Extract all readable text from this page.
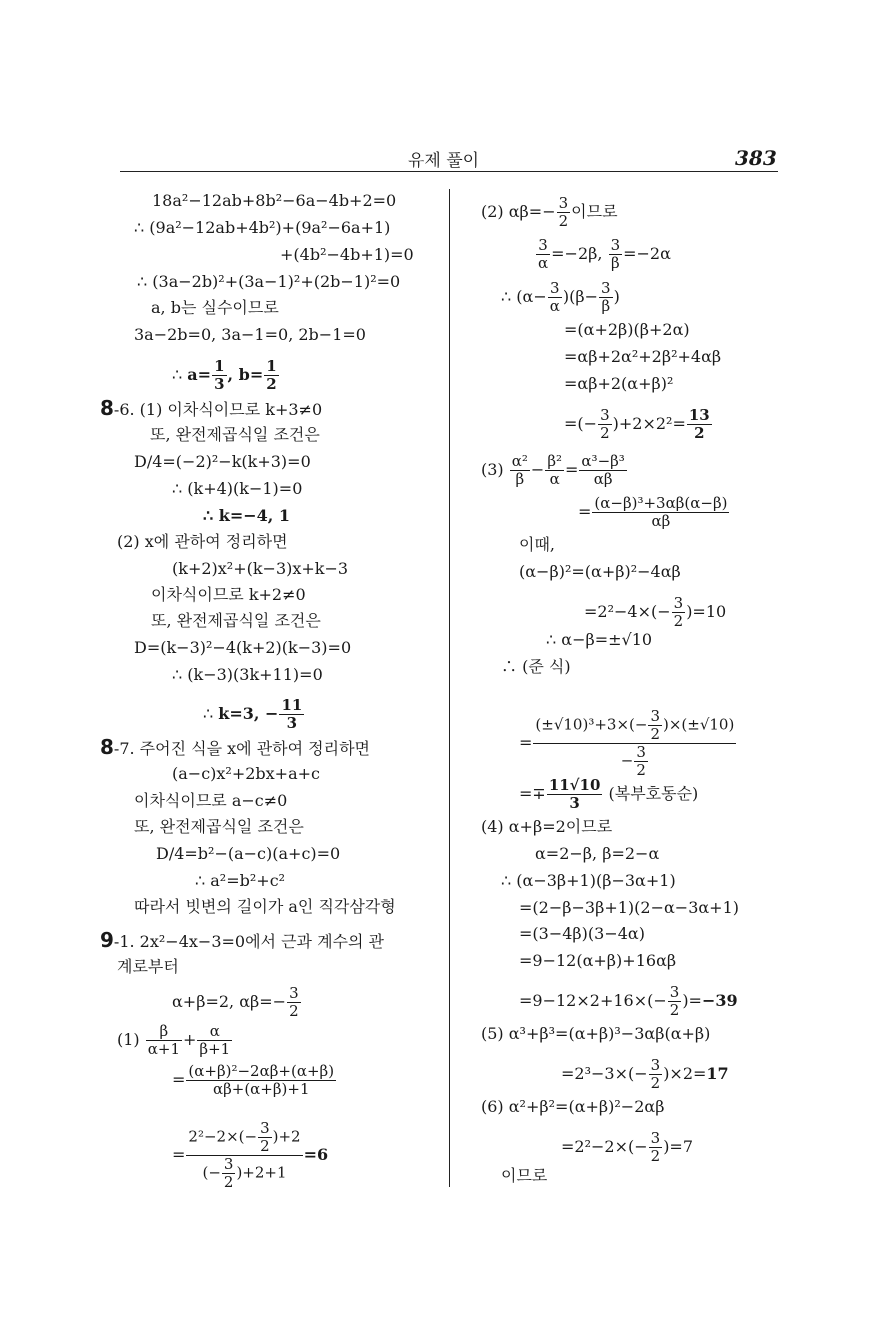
유제 풀이	383
18a²−12ab+8b²−6a−4b+2=0
∴ (9a²−12ab+4b²)+(9a²−6a+1)
+(4b²−4b+1)=0
∴ (3a−2b)²+(3a−1)²+(2b−1)²=0
a, b는 실수이므로
3a−2b=0, 3a−1=0, 2b−1=0
∴ $a= \frac{1}{3}$ , $b= \frac{1}{2}$
8-6. (1) 이차식이므로 k+3≠0
또, 완전제곱식일 조건은
D/4=(−2)²−k(k+3)=0
∴ (k+4)(k−1)=0
∴ k=−4, 1
(2) x에 관하여 정리하면
(k+2)x²+(k−3)x+k−3
이차식이므로 k+2≠0
또, 완전제곱식일 조건은
D=(k−3)²−4(k+2)(k−3)=0
∴ (k−3)(3k+11)=0
∴ k=3, − $\frac{11}{3}$
8-7. 주어진 식을 x에 관하여 정리하면
(a−c)x²+2bx+a+c
이차식이므로 a−c≠0
또, 완전제곱식일 조건은
D/4=b²−(a−c)(a+c)=0
∴ a²=b²+c²
따라서 빗변의 길이가 a인 직각삼각형
9-1. 2x²−4x−3=0에서 근과 계수의 관
계로부터
α+β=2, $\alpha\beta=- \frac{3}{2}$
$(1) \frac{\beta}{\alpha+1} + \frac{\alpha}{\beta+1}$
= $\frac{\text{(α+β)²−2αβ+(α+β)}}{\alpha\beta+(\alpha+\beta)+1}$
= $\frac{2^2-2\times(- \frac{3}{2} )+2}{(- \frac{3}{2} )+2+1} =6$
(2) $\alpha\beta=- \frac{3}{2}$ 이므로
$\frac{3}{\alpha} =-2\beta$, $\frac{3}{\beta} =-2\alpha$
∴ $(\alpha- \frac{3}{\alpha} )(\beta- \frac{3}{\beta}$ )
=(α+2β)(β+2α)
=αβ+2α²+2β²+4αβ
=αβ+2(α+β)²
=(− $\frac{3}{2} )+2\times 2^2= \frac{13}{2}$
$(3) \frac{\text{α²}}{\beta} - \frac{\text{β²}}{\alpha} = \frac{\text{α³−β³}}{\alpha\beta}$
= $\frac{\text{(α−β)³+3αβ(α−β)}}{\alpha\beta}$
이때,
(α−β)²=(α+β)²−4αβ
$=2^2-4\times(- \frac{3}{2} )=10$
∴ α−β=±√10
∴ (준 식)
= $\frac{(\pm√10)^3+3\times(- \frac{3}{2} )\times(\pm√10)}{- \frac{3}{2}}$
=∓ $\frac{11√10}{3}$ (복부호동순)
(4) α+β=2이므로
α=2−β, β=2−α
∴ (α−3β+1)(β−3α+1)
=(2−β−3β+1)(2−α−3α+1)
=(3−4β)(3−4α)
=9−12(α+β)+16αβ
$=9-12\times 2+16\times(- \frac{3}{2} )=-39$
(5) α³+β³=(α+β)³−3αβ(α+β)
$=2^3-3\times(- \frac{3}{2} )\times 2=17$
(6) α²+β²=(α+β)²−2αβ
$=2^2-2\times(- \frac{3}{2} )=7$
이므로
